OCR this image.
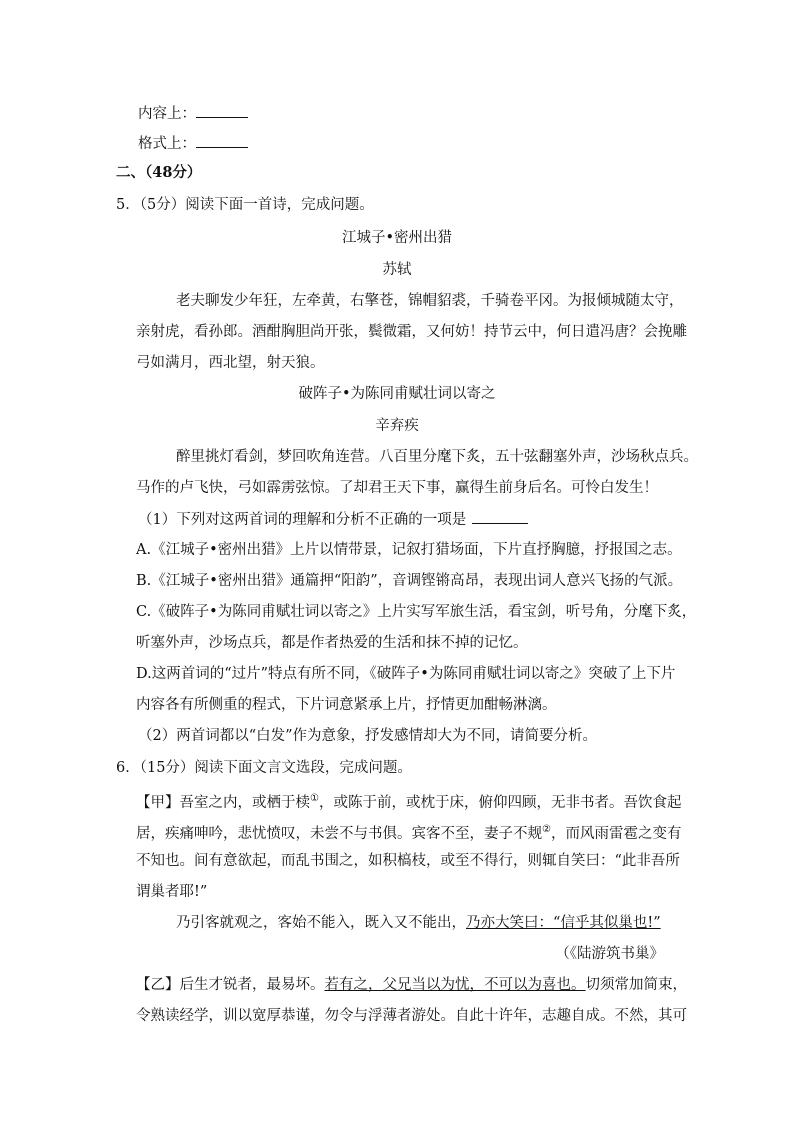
内容上：
格式上：
二、（48分）
5．（5分）阅读下面一首诗，完成问题。
江城子•密州出猎
苏轼
老夫聊发少年狂，左牵黄，右擎苍，锦帽貂裘，千骑卷平冈。为报倾城随太守，
亲射虎，看孙郎。酒酣胸胆尚开张，鬓微霜，又何妨！持节云中，何日遣冯唐？会挽雕
弓如满月，西北望，射天狼。
破阵子•为陈同甫赋壮词以寄之
辛弃疾
醉里挑灯看剑，梦回吹角连营。八百里分麾下炙，五十弦翻塞外声，沙场秋点兵。
马作的卢飞快，弓如霹雳弦惊。了却君王天下事，赢得生前身后名。可怜白发生！
（1）下列对这两首词的理解和分析不正确的一项是
A.《江城子•密州出猎》上片以情带景，记叙打猎场面，下片直抒胸臆，抒报国之志。
B.《江城子•密州出猎》通篇押“阳韵”，音调铿锵高昂，表现出词人意兴飞扬的气派。
C.《破阵子•为陈同甫赋壮词以寄之》上片实写军旅生活，看宝剑，听号角，分麾下炙，
听塞外声，沙场点兵，都是作者热爱的生活和抹不掉的记忆。
D.这两首词的“过片”特点有所不同，《破阵子•为陈同甫赋壮词以寄之》突破了上下片
内容各有所侧重的程式，下片词意紧承上片，抒情更加酣畅淋漓。
（2）两首词都以“白发”作为意象，抒发感情却大为不同，请简要分析。
6．（15分）阅读下面文言文选段，完成问题。
【甲】吾室之内，或栖于椟①，或陈于前，或枕于床，俯仰四顾，无非书者。吾饮食起
居，疾痛呻吟，悲忧愤叹，未尝不与书俱。宾客不至，妻子不觌②，而风雨雷雹之变有
不知也。间有意欲起，而乱书围之，如积槁枝，或至不得行，则辄自笑曰：“此非吾所
谓巢者耶!”
乃引客就观之，客始不能入，既入又不能出，乃亦大笑曰：“信乎其似巢也!”
（《陆游筑书巢》
【乙】后生才锐者，最易坏。若有之，父兄当以为忧，不可以为喜也。切须常加简束，
令熟读经学，训以宽厚恭谨，勿令与浮薄者游处。自此十许年，志趣自成。不然，其可
